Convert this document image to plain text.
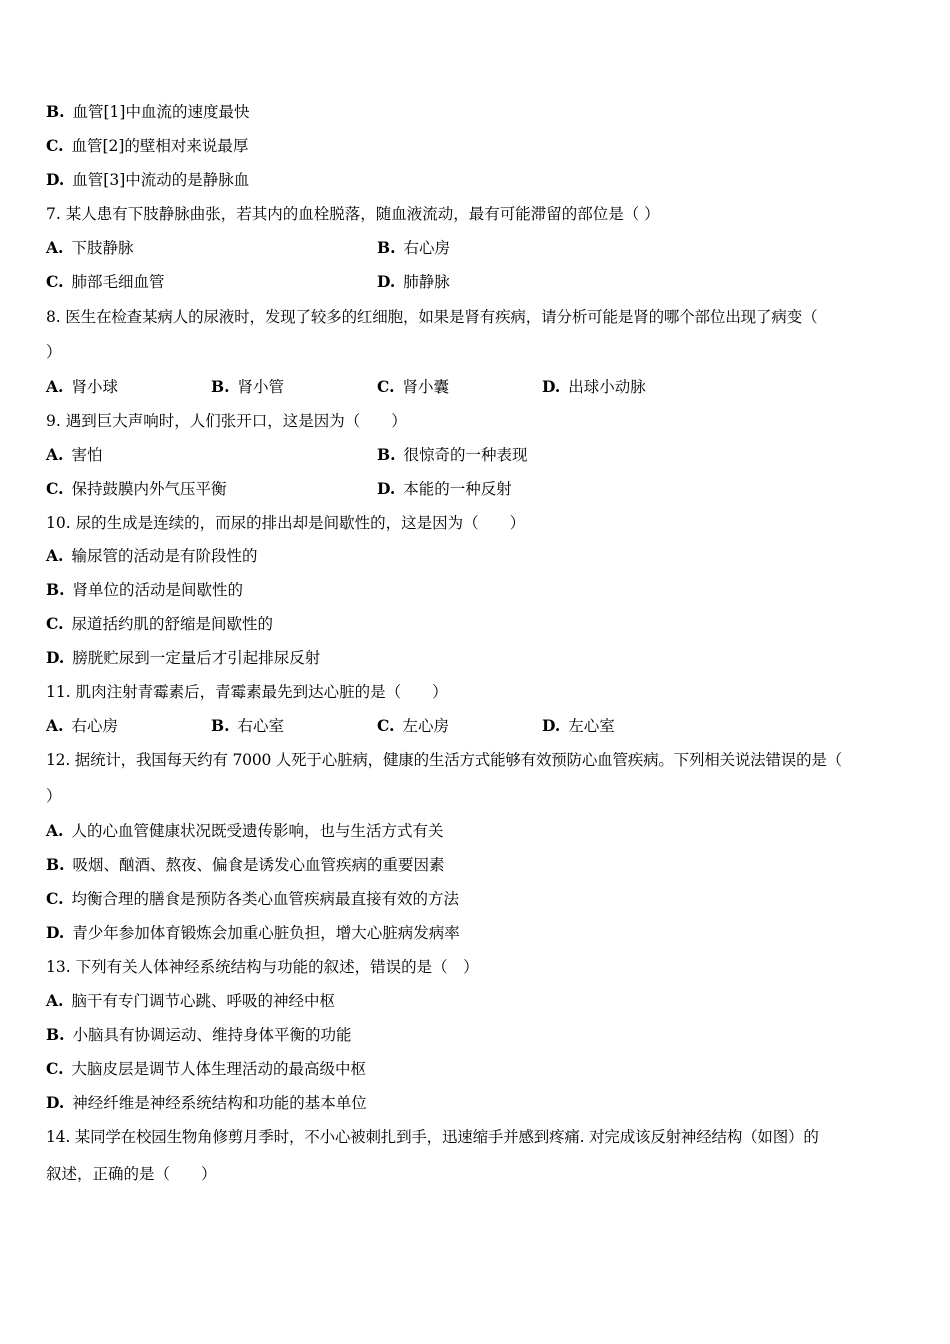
B. 血管[1]中血流的速度最快
C. 血管[2]的壁相对来说最厚
D. 血管[3]中流动的是静脉血
7. 某人患有下肢静脉曲张，若其内的血栓脱落，随血液流动，最有可能滞留的部位是（ ）
A. 下肢静脉	B. 右心房
C. 肺部毛细血管	D. 肺静脉
8. 医生在检查某病人的尿液时，发现了较多的红细胞，如果是肾有疾病，请分析可能是肾的哪个部位出现了病变（
）
A. 肾小球	B. 肾小管	C. 肾小囊	D. 出球小动脉
9. 遇到巨大声响时，人们张开口，这是因为（　　）
A. 害怕	B. 很惊奇的一种表现
C. 保持鼓膜内外气压平衡	D. 本能的一种反射
10. 尿的生成是连续的，而尿的排出却是间歇性的，这是因为（　　）
A. 输尿管的活动是有阶段性的
B. 肾单位的活动是间歇性的
C. 尿道括约肌的舒缩是间歇性的
D. 膀胱贮尿到一定量后才引起排尿反射
11. 肌肉注射青霉素后，青霉素最先到达心脏的是（　　）
A. 右心房	B. 右心室	C. 左心房	D. 左心室
12. 据统计，我国每天约有 7000 人死于心脏病，健康的生活方式能够有效预防心血管疾病。下列相关说法错误的是（
）
A. 人的心血管健康状况既受遗传影响，也与生活方式有关
B. 吸烟、酗酒、熬夜、偏食是诱发心血管疾病的重要因素
C. 均衡合理的膳食是预防各类心血管疾病最直接有效的方法
D. 青少年参加体育锻炼会加重心脏负担，增大心脏病发病率
13. 下列有关人体神经系统结构与功能的叙述，错误的是（　）
A. 脑干有专门调节心跳、呼吸的神经中枢
B. 小脑具有协调运动、维持身体平衡的功能
C. 大脑皮层是调节人体生理活动的最高级中枢
D. 神经纤维是神经系统结构和功能的基本单位
14. 某同学在校园生物角修剪月季时，不小心被刺扎到手，迅速缩手并感到疼痛. 对完成该反射神经结构（如图）的
叙述，正确的是（　　）
